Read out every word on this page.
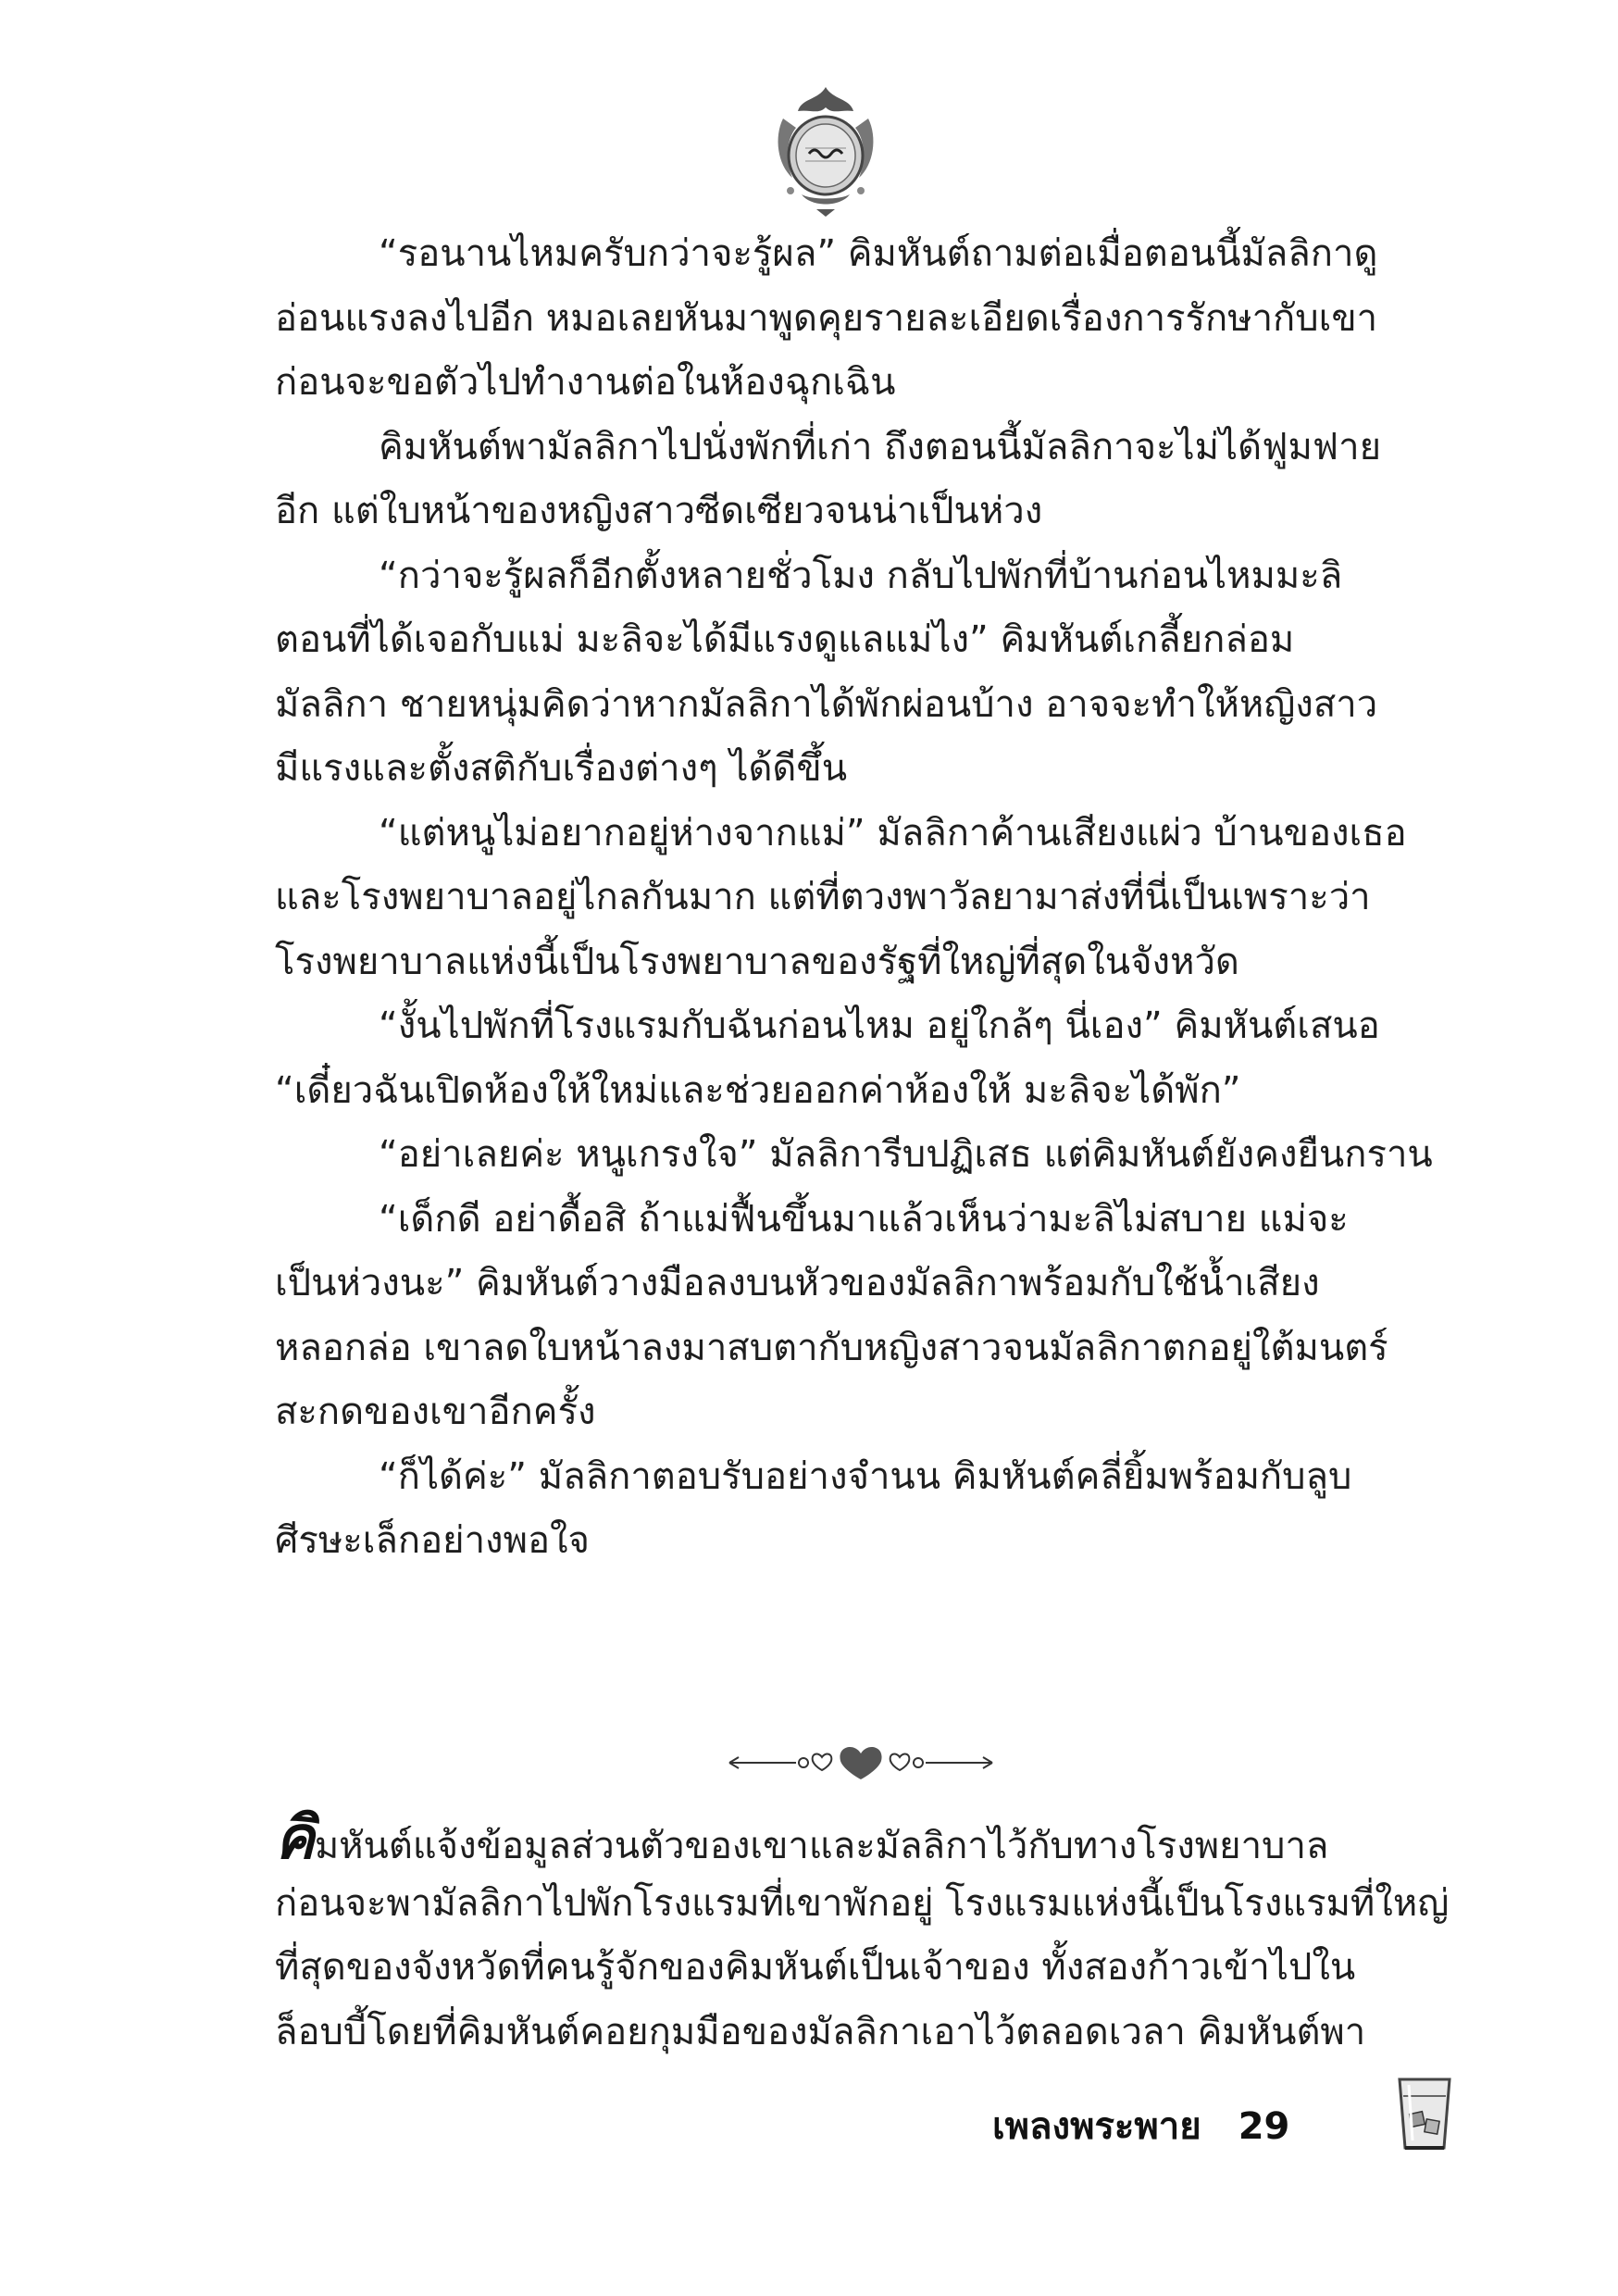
“รอนานไหมครับกว่าจะรู้ผล” คิมหันต์ถามต่อเมื่อตอนนี้มัลลิกาดู
อ่อนแรงลงไปอีก หมอเลยหันมาพูดคุยรายละเอียดเรื่องการรักษากับเขา
ก่อนจะขอตัวไปทำงานต่อในห้องฉุกเฉิน
คิมหันต์พามัลลิกาไปนั่งพักที่เก่า ถึงตอนนี้มัลลิกาจะไม่ได้ฟูมฟาย
อีก แต่ใบหน้าของหญิงสาวซีดเซียวจนน่าเป็นห่วง
“กว่าจะรู้ผลก็อีกตั้งหลายชั่วโมง กลับไปพักที่บ้านก่อนไหมมะลิ
ตอนที่ได้เจอกับแม่ มะลิจะได้มีแรงดูแลแม่ไง” คิมหันต์เกลี้ยกล่อม
มัลลิกา ชายหนุ่มคิดว่าหากมัลลิกาได้พักผ่อนบ้าง อาจจะทำให้หญิงสาว
มีแรงและตั้งสติกับเรื่องต่างๆ ได้ดีขึ้น
“แต่หนูไม่อยากอยู่ห่างจากแม่” มัลลิกาค้านเสียงแผ่ว บ้านของเธอ
และโรงพยาบาลอยู่ไกลกันมาก แต่ที่ตวงพาวัลยามาส่งที่นี่เป็นเพราะว่า
โรงพยาบาลแห่งนี้เป็นโรงพยาบาลของรัฐที่ใหญ่ที่สุดในจังหวัด
“งั้นไปพักที่โรงแรมกับฉันก่อนไหม อยู่ใกล้ๆ นี่เอง” คิมหันต์เสนอ
“เดี๋ยวฉันเปิดห้องให้ใหม่และช่วยออกค่าห้องให้ มะลิจะได้พัก”
“อย่าเลยค่ะ หนูเกรงใจ” มัลลิการีบปฏิเสธ แต่คิมหันต์ยังคงยืนกราน
“เด็กดี อย่าดื้อสิ ถ้าแม่ฟื้นขึ้นมาแล้วเห็นว่ามะลิไม่สบาย แม่จะ
เป็นห่วงนะ” คิมหันต์วางมือลงบนหัวของมัลลิกาพร้อมกับใช้น้ำเสียง
หลอกล่อ เขาลดใบหน้าลงมาสบตากับหญิงสาวจนมัลลิกาตกอยู่ใต้มนตร์
สะกดของเขาอีกครั้ง
“ก็ได้ค่ะ” มัลลิกาตอบรับอย่างจำนน คิมหันต์คลี่ยิ้มพร้อมกับลูบ
ศีรษะเล็กอย่างพอใจ
คิมหันต์แจ้งข้อมูลส่วนตัวของเขาและมัลลิกาไว้กับทางโรงพยาบาล
ก่อนจะพามัลลิกาไปพักโรงแรมที่เขาพักอยู่ โรงแรมแห่งนี้เป็นโรงแรมที่ใหญ่
ที่สุดของจังหวัดที่คนรู้จักของคิมหันต์เป็นเจ้าของ ทั้งสองก้าวเข้าไปใน
ล็อบบี้โดยที่คิมหันต์คอยกุมมือของมัลลิกาเอาไว้ตลอดเวลา คิมหันต์พา
เพลงพระพาย 29
